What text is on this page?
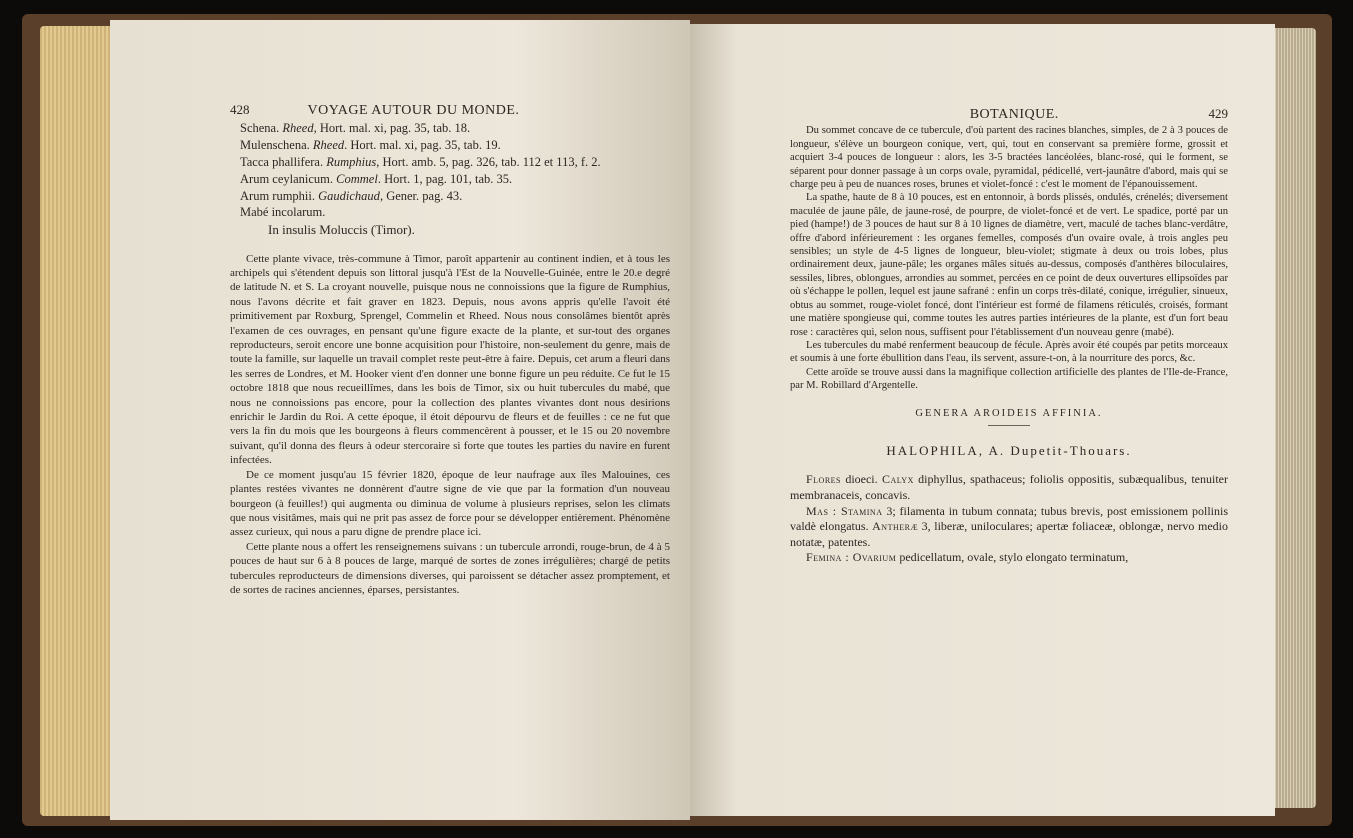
428	VOYAGE AUTOUR DU MONDE.

Schena. Rheed, Hort. mal. xi, pag. 35, tab. 18.

Mulenschena. Rheed. Hort. mal. xi, pag. 35, tab. 19.

Tacca phallifera. Rumphius, Hort. amb. 5, pag. 326, tab. 112 et 113, f. 2.

Arum ceylanicum. Commel. Hort. 1, pag. 101, tab. 35.

Arum rumphii. Gaudichaud, Gener. pag. 43.

Mabé incolarum.

In insulis Moluccis (Timor).

Cette plante vivace, très-commune à Timor, paroît appartenir au continent indien, et à tous les archipels qui s'étendent depuis son littoral jusqu'à l'Est de la Nouvelle-Guinée, entre le 20.e degré de latitude N. et S. La croyant nouvelle, puisque nous ne connoissions que la figure de Rumphius, nous l'avons décrite et fait graver en 1823. Depuis, nous avons appris qu'elle l'avoit été primitivement par Roxburg, Sprengel, Commelin et Rheed. Nous nous consolâmes bientôt après l'examen de ces ouvrages, en pensant qu'une figure exacte de la plante, et sur-tout des organes reproducteurs, seroit encore une bonne acquisition pour l'histoire, non-seulement du genre, mais de toute la famille, sur laquelle un travail complet reste peut-être à faire. Depuis, cet arum a fleuri dans les serres de Londres, et M. Hooker vient d'en donner une bonne figure un peu réduite. Ce fut le 15 octobre 1818 que nous recueillîmes, dans les bois de Timor, six ou huit tubercules du mabé, que nous ne connoissions pas encore, pour la collection des plantes vivantes dont nous desirions enrichir le Jardin du Roi. A cette époque, il étoit dépourvu de fleurs et de feuilles : ce ne fut que vers la fin du mois que les bourgeons à fleurs commencèrent à pousser, et le 15 ou 20 novembre suivant, qu'il donna des fleurs à odeur stercoraire si forte que toutes les parties du navire en furent infectées.

De ce moment jusqu'au 15 février 1820, époque de leur naufrage aux îles Malouines, ces plantes restées vivantes ne donnèrent d'autre signe de vie que par la formation d'un nouveau bourgeon (à feuilles!) qui augmenta ou diminua de volume à plusieurs reprises, selon les climats que nous visitâmes, mais qui ne prit pas assez de force pour se développer entièrement. Phénomène assez curieux, qui nous a paru digne de prendre place ici.

Cette plante nous a offert les renseignemens suivans : un tubercule arrondi, rouge-brun, de 4 à 5 pouces de haut sur 6 à 8 pouces de large, marqué de sortes de zones irrégulières; chargé de petits tubercules reproducteurs de dimensions diverses, qui paroissent se détacher assez promptement, et de sortes de racines anciennes, éparses, persistantes.

BOTANIQUE.	429

Du sommet concave de ce tubercule, d'où partent des racines blanches, simples, de 2 à 3 pouces de longueur, s'élève un bourgeon conique, vert, qui, tout en conservant sa première forme, grossit et acquiert 3-4 pouces de longueur : alors, les 3-5 bractées lancéolées, blanc-rosé, qui le forment, se séparent pour donner passage à un corps ovale, pyramidal, pédicellé, vert-jaunâtre d'abord, mais qui se charge peu à peu de nuances roses, brunes et violet-foncé : c'est le moment de l'épanouissement.

La spathe, haute de 8 à 10 pouces, est en entonnoir, à bords plissés, ondulés, crénelés; diversement maculée de jaune pâle, de jaune-rosé, de pourpre, de violet-foncé et de vert. Le spadice, porté par un pied (hampe!) de 3 pouces de haut sur 8 à 10 lignes de diamètre, vert, maculé de taches blanc-verdâtre, offre d'abord inférieurement : les organes femelles, composés d'un ovaire ovale, à trois angles peu sensibles; un style de 4-5 lignes de longueur, bleu-violet; stigmate à deux ou trois lobes, plus ordinairement deux, jaune-pâle; les organes mâles situés au-dessus, composés d'anthères biloculaires, sessiles, libres, oblongues, arrondies au sommet, percées en ce point de deux ouvertures ellipsoïdes par où s'échappe le pollen, lequel est jaune safrané : enfin un corps très-dilaté, conique, irrégulier, sinueux, obtus au sommet, rouge-violet foncé, dont l'intérieur est formé de filamens réticulés, croisés, formant une matière spongieuse qui, comme toutes les autres parties intérieures de la plante, est d'un fort beau rose : caractères qui, selon nous, suffisent pour l'établissement d'un nouveau genre (mabé).

Les tubercules du mabé renferment beaucoup de fécule. Après avoir été coupés par petits morceaux et soumis à une forte ébullition dans l'eau, ils servent, assure-t-on, à la nourriture des porcs, &c.

Cette aroïde se trouve aussi dans la magnifique collection artificielle des plantes de l'Ile-de-France, par M. Robillard d'Argentelle.

GENERA AROIDEIS AFFINIA.
HALOPHILA, A. Dupetit-Thouars.

Flores dioeci. Calyx diphyllus, spathaceus; foliolis oppositis, subæqualibus, tenuiter membranaceis, concavis.

Mas : Stamina 3; filamenta in tubum connata; tubus brevis, post emissionem pollinis valdè elongatus. Antheræ 3, liberæ, uniloculares; apertæ foliaceæ, oblongæ, nervo medio notatæ, patentes.

Femina : Ovarium pedicellatum, ovale, stylo elongato terminatum,
